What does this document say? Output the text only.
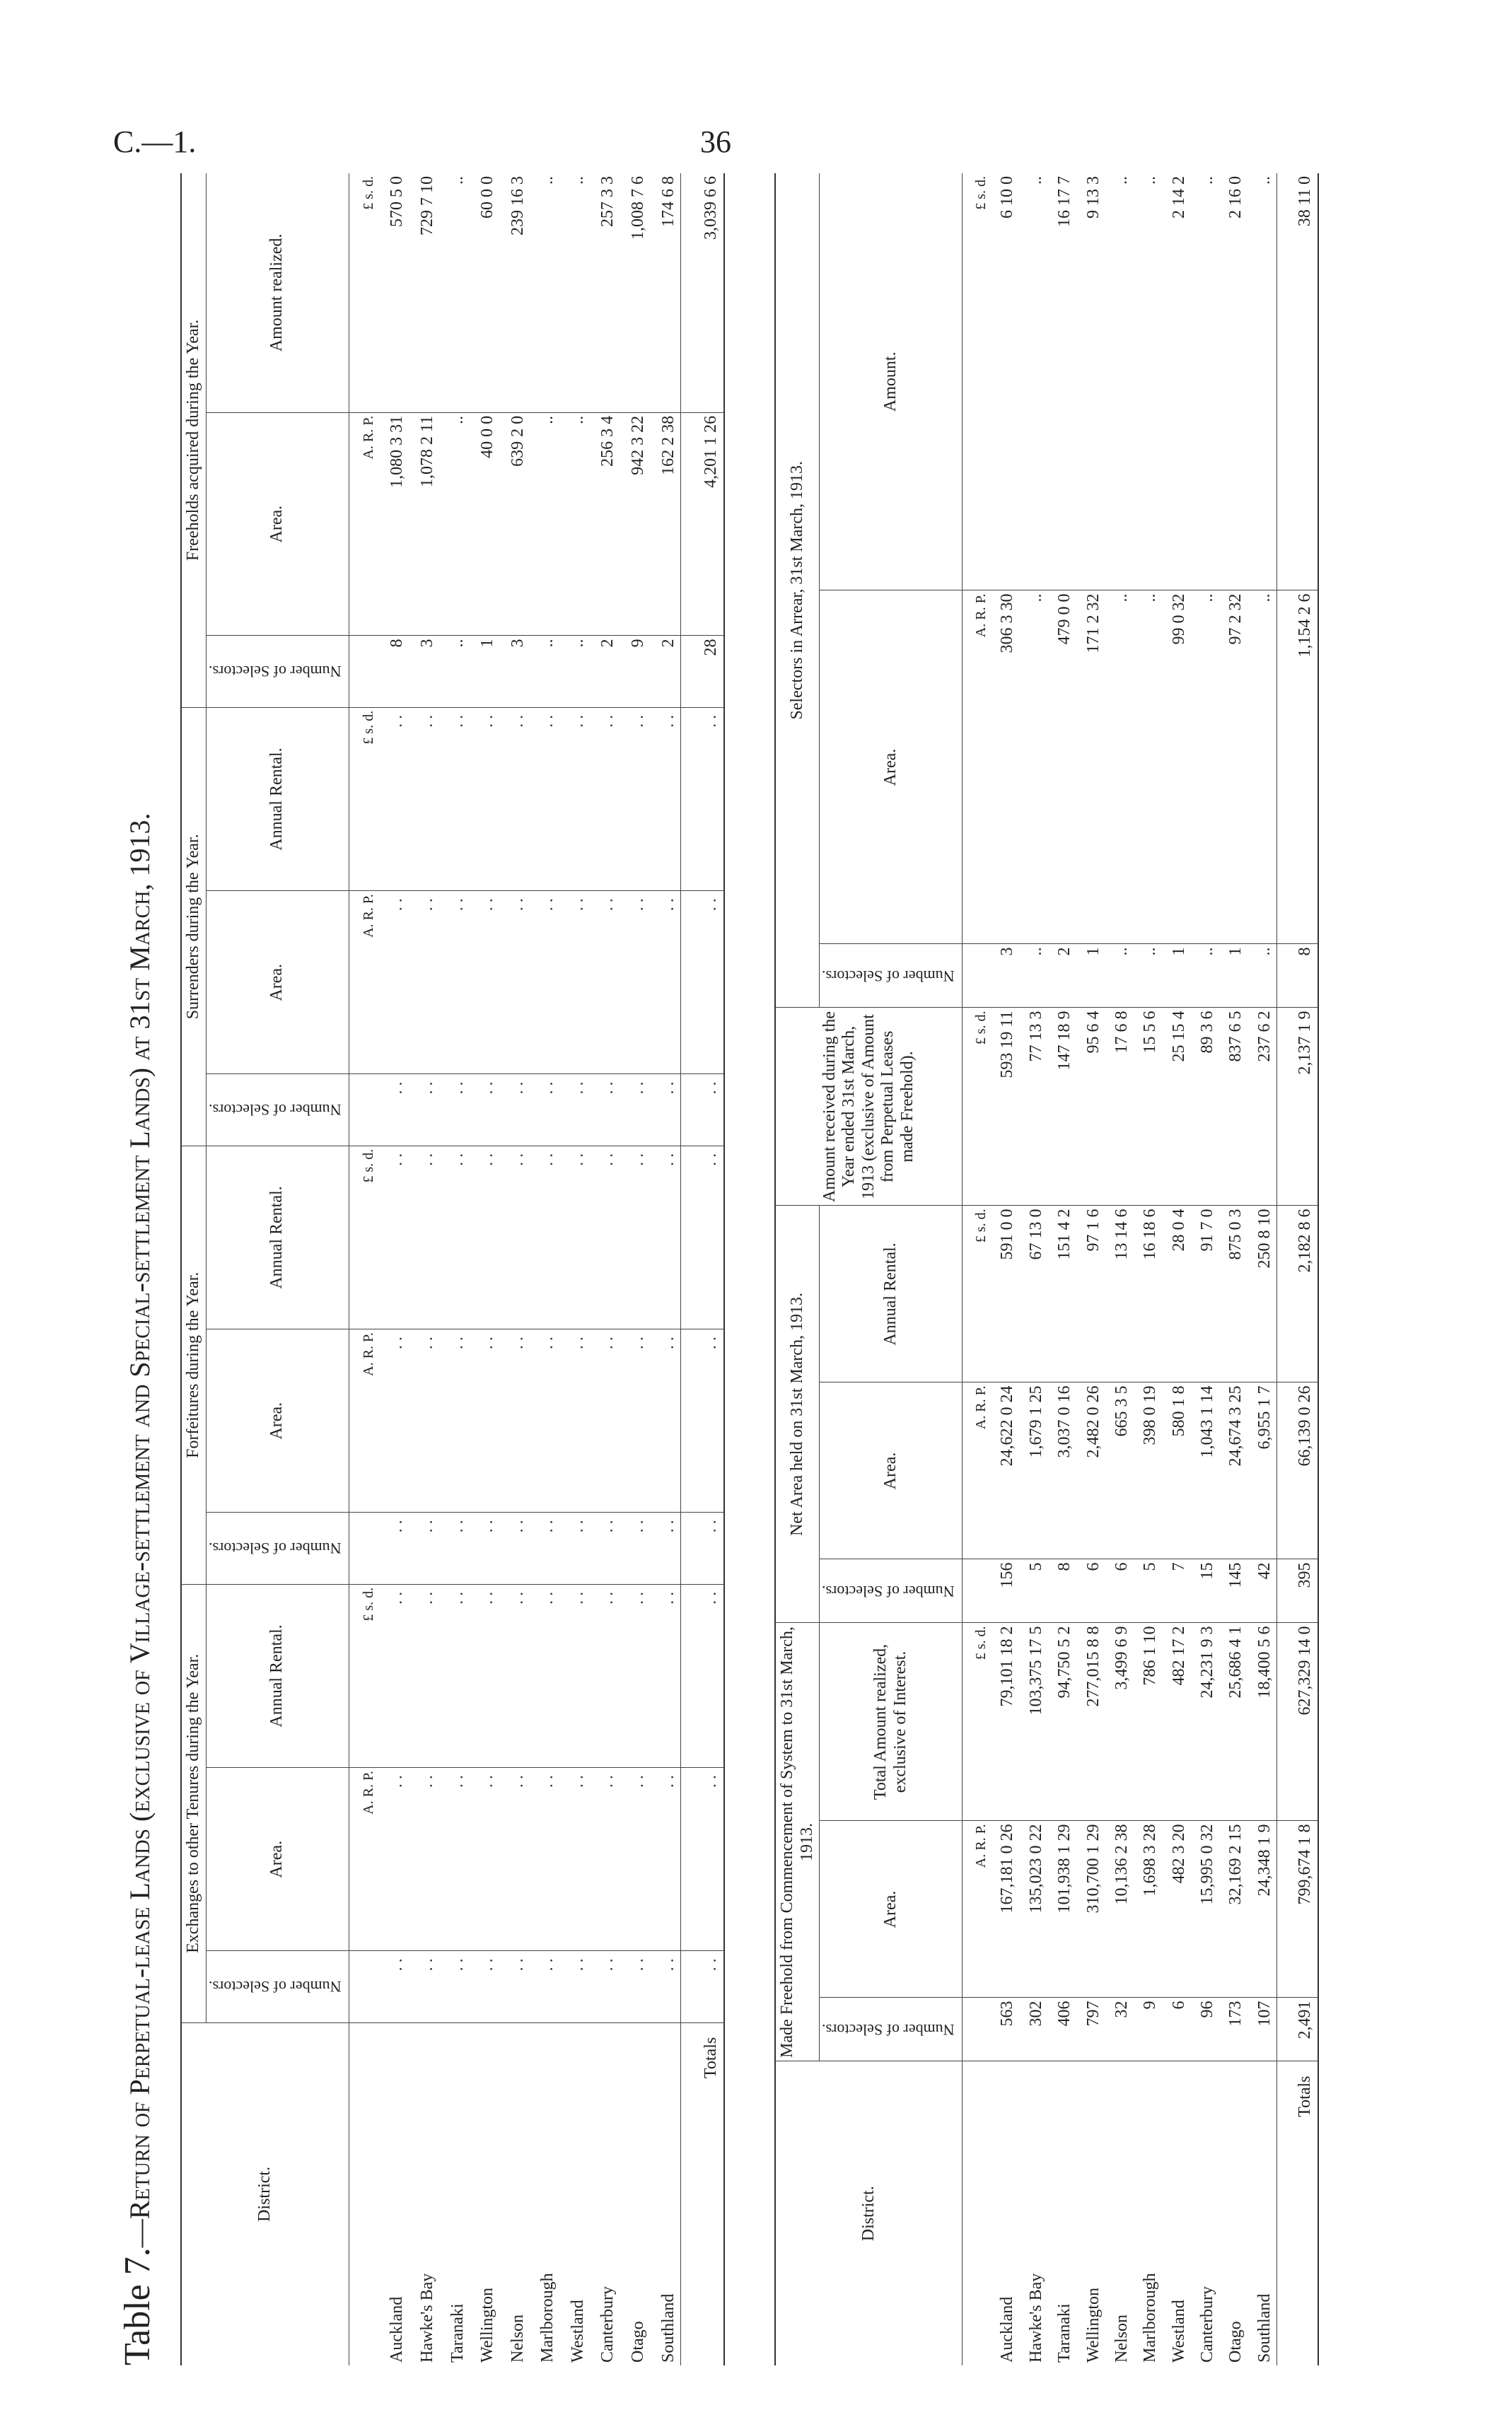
C.—1.	36
Table 7.—Return of Perpetual-lease Lands (exclusive of Village-settlement and Special-settlement Lands) at 31st March, 1913.	District.	Exchanges to other Tenures during the Year.			Forfeitures during the Year.			Surrenders during the Year.			Freeholds acquired during the Year.		
	Number of Selectors.	Area.	Annual Rental.	Number of Selectors.	Area.	Annual Rental.	Number of Selectors.	Area.	Annual Rental.	Number of Selectors.	Area.	Amount realized.
		A. R. P.	£ s. d.		A. R. P.	£ s. d.		A. R. P.	£ s. d.		A. R. P.	£ s. d.
Auckland	..	..	..	..	..	..	..	..	..	8	1,080 3 31	570 5 0
Hawke's Bay	..	..	..	..	..	..	..	..	..	3	1,078 2 11	729 7 10
Taranaki	..	..	..	..	..	..	..	..	..	..	..	..
Wellington	..	..	..	..	..	..	..	..	..	1	40 0 0	60 0 0
Nelson	..	..	..	..	..	..	..	..	..	3	639 2 0	239 16 3
Marlborough	..	..	..	..	..	..	..	..	..	..	..	..
Westland	..	..	..	..	..	..	..	..	..	..	..	..
Canterbury	..	..	..	..	..	..	..	..	..	2	256 3 4	257 3 3
Otago	..	..	..	..	..	..	..	..	..	9	942 3 22	1,008 7 6
Southland	..	..	..	..	..	..	..	..	..	2	162 2 38	174 6 8
Totals	..	..	..	..	..	..	..	..	..	28	4,201 1 26	3,039 6 6
District.	Made Freehold from Commencement of System to 31st March, 1913.			Net Area held on 31st March, 1913.			Amount received during the Year ended 31st March, 1913 (exclusive of Amount from Perpetual Leases made Freehold).	Selectors in Arrear, 31st March, 1913.		
	Number of Selectors.	Area.	Total Amount realized, exclusive of Interest.	Number of Selectors.	Area.	Annual Rental.		Number of Selectors.	Area.	Amount.
		A. R. P.	£ s. d.		A. R. P.	£ s. d.	£ s. d.		A. R. P.	£ s. d.
Auckland	563	167,181 0 26	79,101 18 2	156	24,622 0 24	591 0 0	593 19 11	3	306 3 30	6 10 0
Hawke's Bay	302	135,023 0 22	103,375 17 5	5	1,679 1 25	67 13 0	77 13 3	..	..	..
Taranaki	406	101,938 1 29	94,750 5 2	8	3,037 0 16	151 4 2	147 18 9	2	479 0 0	16 17 7
Wellington	797	310,700 1 29	277,015 8 8	6	2,482 0 26	97 1 6	95 6 4	1	171 2 32	9 13 3
Nelson	32	10,136 2 38	3,499 6 9	6	665 3 5	13 14 6	17 6 8	..	..	..
Marlborough	9	1,698 3 28	786 1 10	5	398 0 19	16 18 6	15 5 6	..	..	..
Westland	6	482 3 20	482 17 2	7	580 1 8	28 0 4	25 15 4	1	99 0 32	2 14 2
Canterbury	96	15,995 0 32	24,231 9 3	15	1,043 1 14	91 7 0	89 3 6	..	..	..
Otago	173	32,169 2 15	25,686 4 1	145	24,674 3 25	875 0 3	837 6 5	1	97 2 32	2 16 0
Southland	107	24,348 1 9	18,400 5 6	42	6,955 1 7	250 8 10	237 6 2	..	..	..
Totals	2,491	799,674 1 8	627,329 14 0	395	66,139 0 26	2,182 8 6	2,137 1 9	8	1,154 2 6	38 11 0
